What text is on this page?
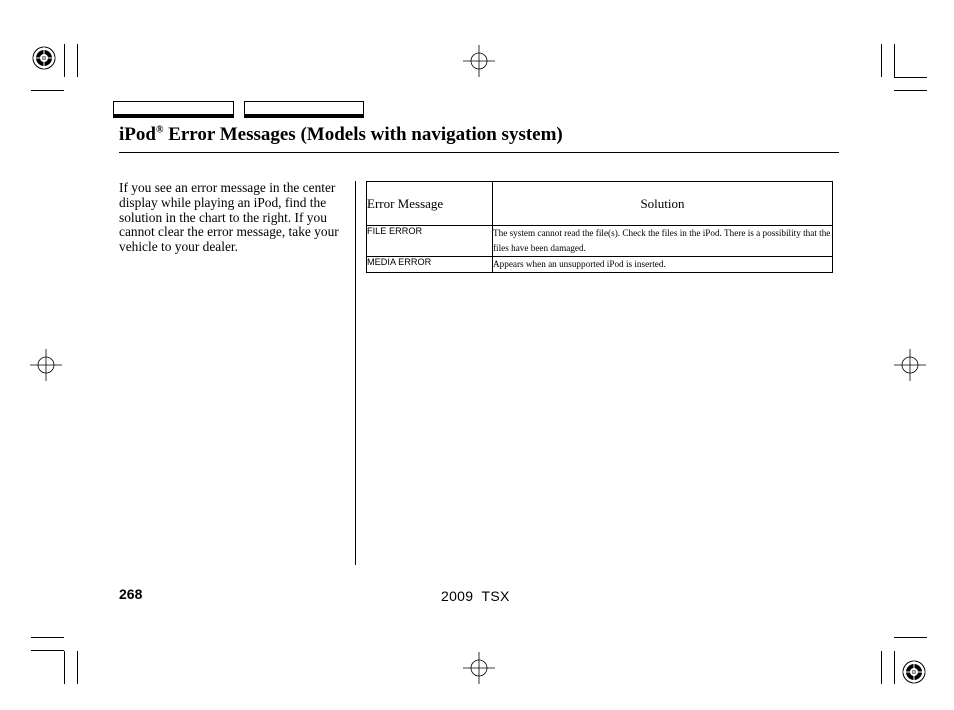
iPod® Error Messages (Models with navigation system)
If you see an error message in the center display while playing an iPod, find the solution in the chart to the right. If you cannot clear the error message, take your vehicle to your dealer.
Error Message	Solution
FILE ERROR	The system cannot read the file(s). Check the files in the iPod. There is a possibility that the files have been damaged.
MEDIA ERROR	Appears when an unsupported iPod is inserted.
268	2009  TSX
